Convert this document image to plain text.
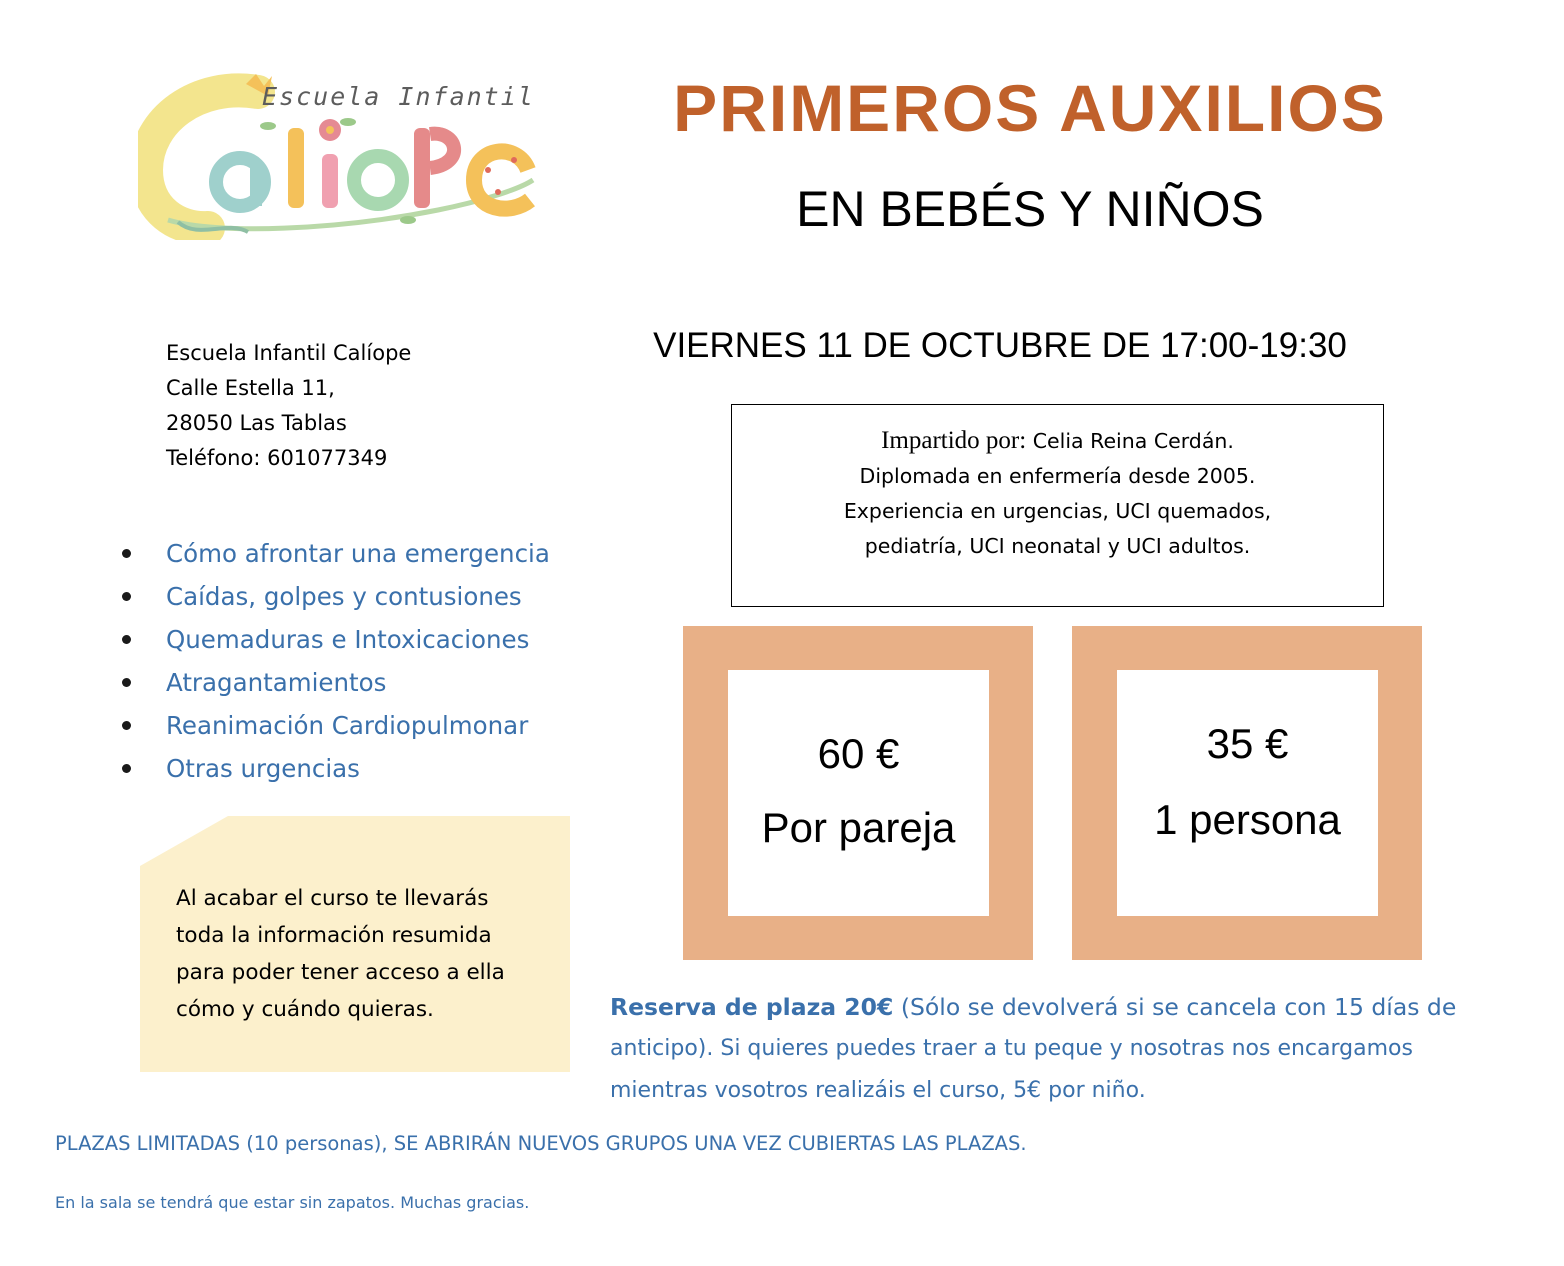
Escuela Infantil	PRIMEROS AUXILIOS
EN BEBÉS Y NIÑOS
VIERNES 11 DE OCTUBRE DE 17:00-19:30
Escuela Infantil Calíope
Calle Estella 11,
28050 Las Tablas
Teléfono: 601077349
Cómo afrontar una emergencia
Caídas, golpes y contusiones
Quemaduras e Intoxicaciones
Atragantamientos
Reanimación Cardiopulmonar
Otras urgencias
Al acabar el curso te llevarás
toda la información resumida
para poder tener acceso a ella
cómo y cuándo quieras.
Impartido por: Celia Reina Cerdán.
Diplomada en enfermería desde 2005.
Experiencia en urgencias, UCI quemados,
pediatría, UCI neonatal y UCI adultos.
60 €
Por pareja
35 €
1 persona
Reserva de plaza 20€ (Sólo se devolverá si se cancela con 15 días de
anticipo). Si quieres puedes traer a tu peque y nosotras nos encargamos
mientras vosotros realizáis el curso, 5€ por niño.
PLAZAS LIMITADAS (10 personas), SE ABRIRÁN NUEVOS GRUPOS UNA VEZ CUBIERTAS LAS PLAZAS.
En la sala se tendrá que estar sin zapatos. Muchas gracias.
